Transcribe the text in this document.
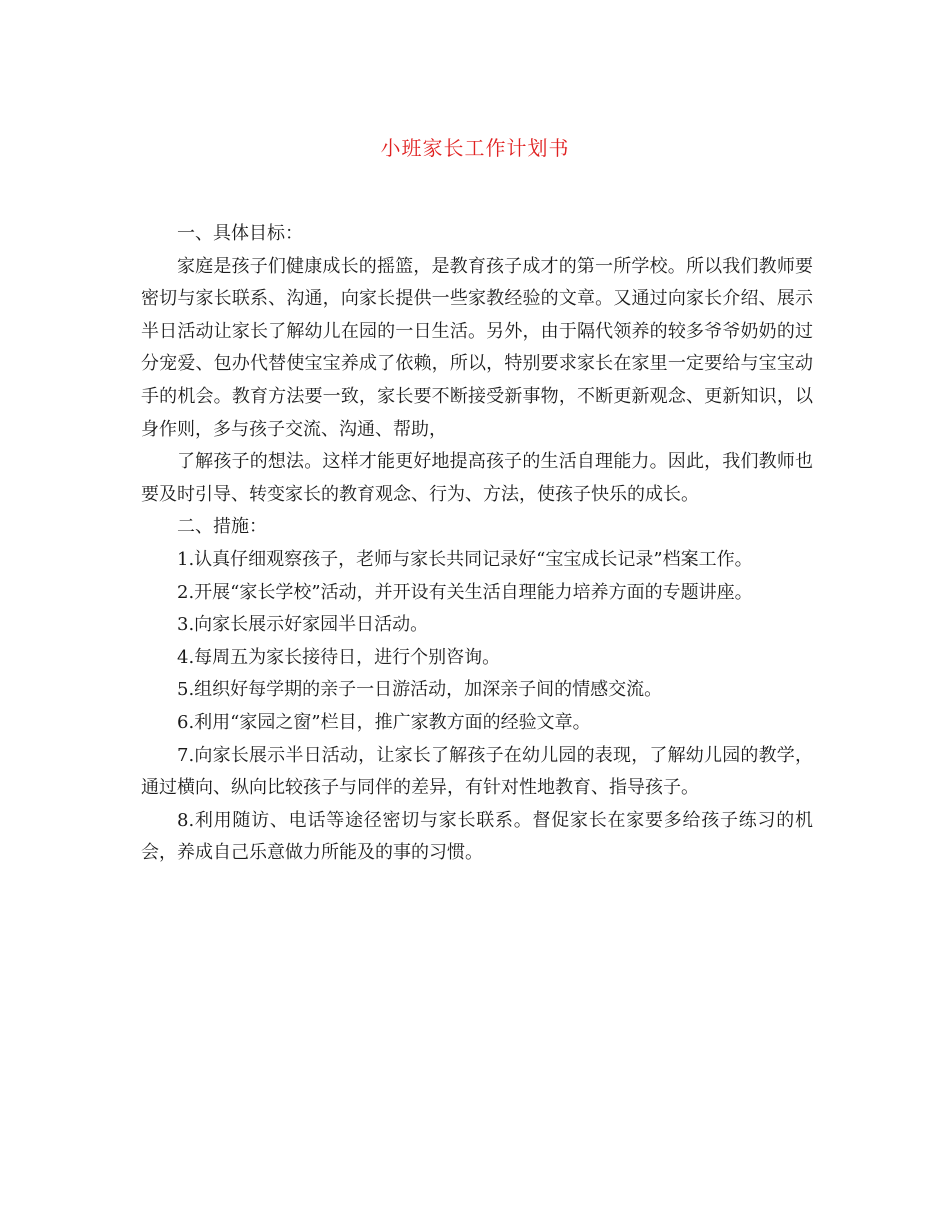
小班家长工作计划书

一、具体目标：

家庭是孩子们健康成长的摇篮，是教育孩子成才的第一所学校。所以我们教师要密切与家长联系、沟通，向家长提供一些家教经验的文章。又通过向家长介绍、展示半日活动让家长了解幼儿在园的一日生活。另外，由于隔代领养的较多爷爷奶奶的过分宠爱、包办代替使宝宝养成了依赖，所以，特别要求家长在家里一定要给与宝宝动手的机会。教育方法要一致，家长要不断接受新事物，不断更新观念、更新知识，以身作则，多与孩子交流、沟通、帮助，

了解孩子的想法。这样才能更好地提高孩子的生活自理能力。因此，我们教师也要及时引导、转变家长的教育观念、行为、方法，使孩子快乐的成长。

二、措施：

1.认真仔细观察孩子，老师与家长共同记录好“宝宝成长记录”档案工作。

2.开展“家长学校”活动，并开设有关生活自理能力培养方面的专题讲座。

3.向家长展示好家园半日活动。

4.每周五为家长接待日，进行个别咨询。

5.组织好每学期的亲子一日游活动，加深亲子间的情感交流。

6.利用“家园之窗”栏目，推广家教方面的经验文章。

7.向家长展示半日活动，让家长了解孩子在幼儿园的表现，了解幼儿园的教学，通过横向、纵向比较孩子与同伴的差异，有针对性地教育、指导孩子。

8.利用随访、电话等途径密切与家长联系。督促家长在家要多给孩子练习的机会，养成自己乐意做力所能及的事的习惯。
